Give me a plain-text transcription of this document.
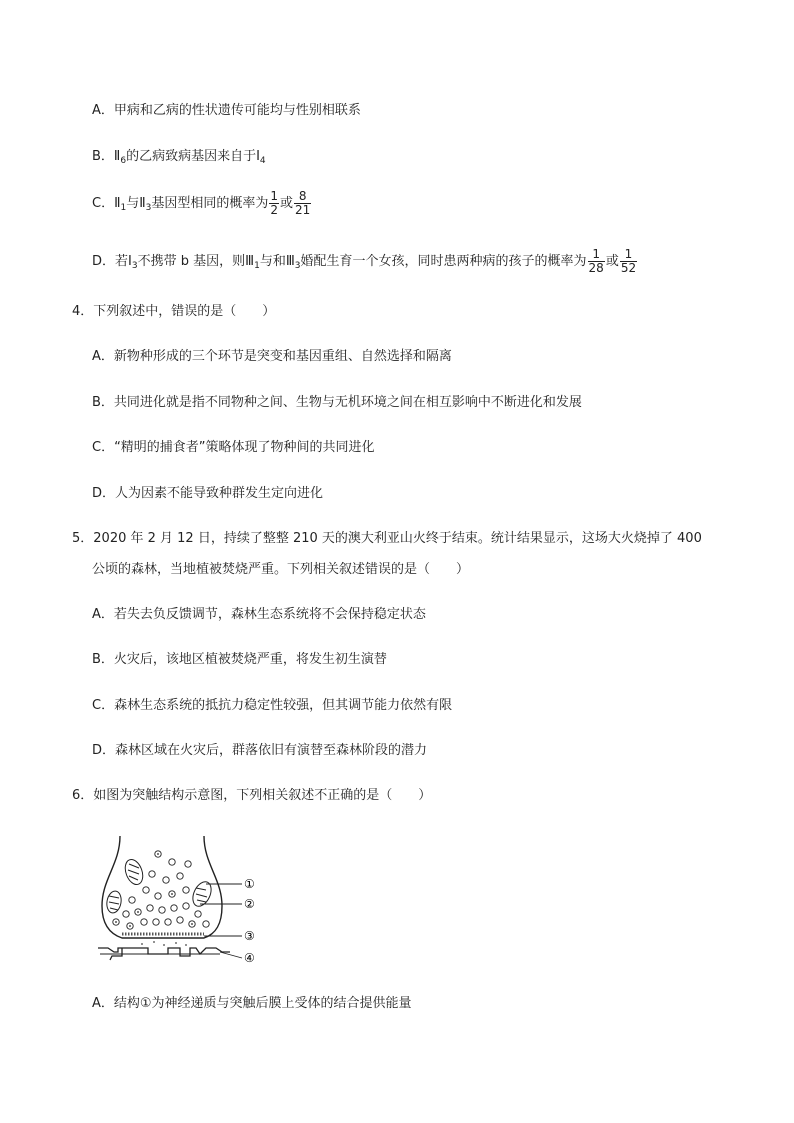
A．甲病和乙病的性状遗传可能均与性别相联系
B．$Ⅱ_6$的乙病致病基因来自于$Ⅰ_4$
C．$Ⅱ_1$与$Ⅱ_3$基因型相同的概率为 $\frac{1}{2}$ 或 $\frac{8}{21}$
D．若$Ⅰ_3$不携带 b 基因，则$Ⅲ_1$与和$Ⅲ_3$婚配生育一个女孩，同时患两种病的孩子的概率为 $\frac{1}{28}$ 或 $\frac{1}{52}$
4．下列叙述中，错误的是（　　）
A．新物种形成的三个环节是突变和基因重组、自然选择和隔离
B．共同进化就是指不同物种之间、生物与无机环境之间在相互影响中不断进化和发展
C．“精明的捕食者”策略体现了物种间的共同进化
D．人为因素不能导致种群发生定向进化
5．2020 年 2 月 12 日，持续了整整 210 天的澳大利亚山火终于结束。统计结果显示，这场大火烧掉了 400
公顷的森林，当地植被焚烧严重。下列相关叙述错误的是（　　）
A．若失去负反馈调节，森林生态系统将不会保持稳定状态
B．火灾后，该地区植被焚烧严重，将发生初生演替
C．森林生态系统的抵抗力稳定性较强，但其调节能力依然有限
D．森林区域在火灾后，群落依旧有演替至森林阶段的潜力
6．如图为突触结构示意图，下列相关叙述不正确的是（　　）
①
②
③
④
A．结构①为神经递质与突触后膜上受体的结合提供能量
